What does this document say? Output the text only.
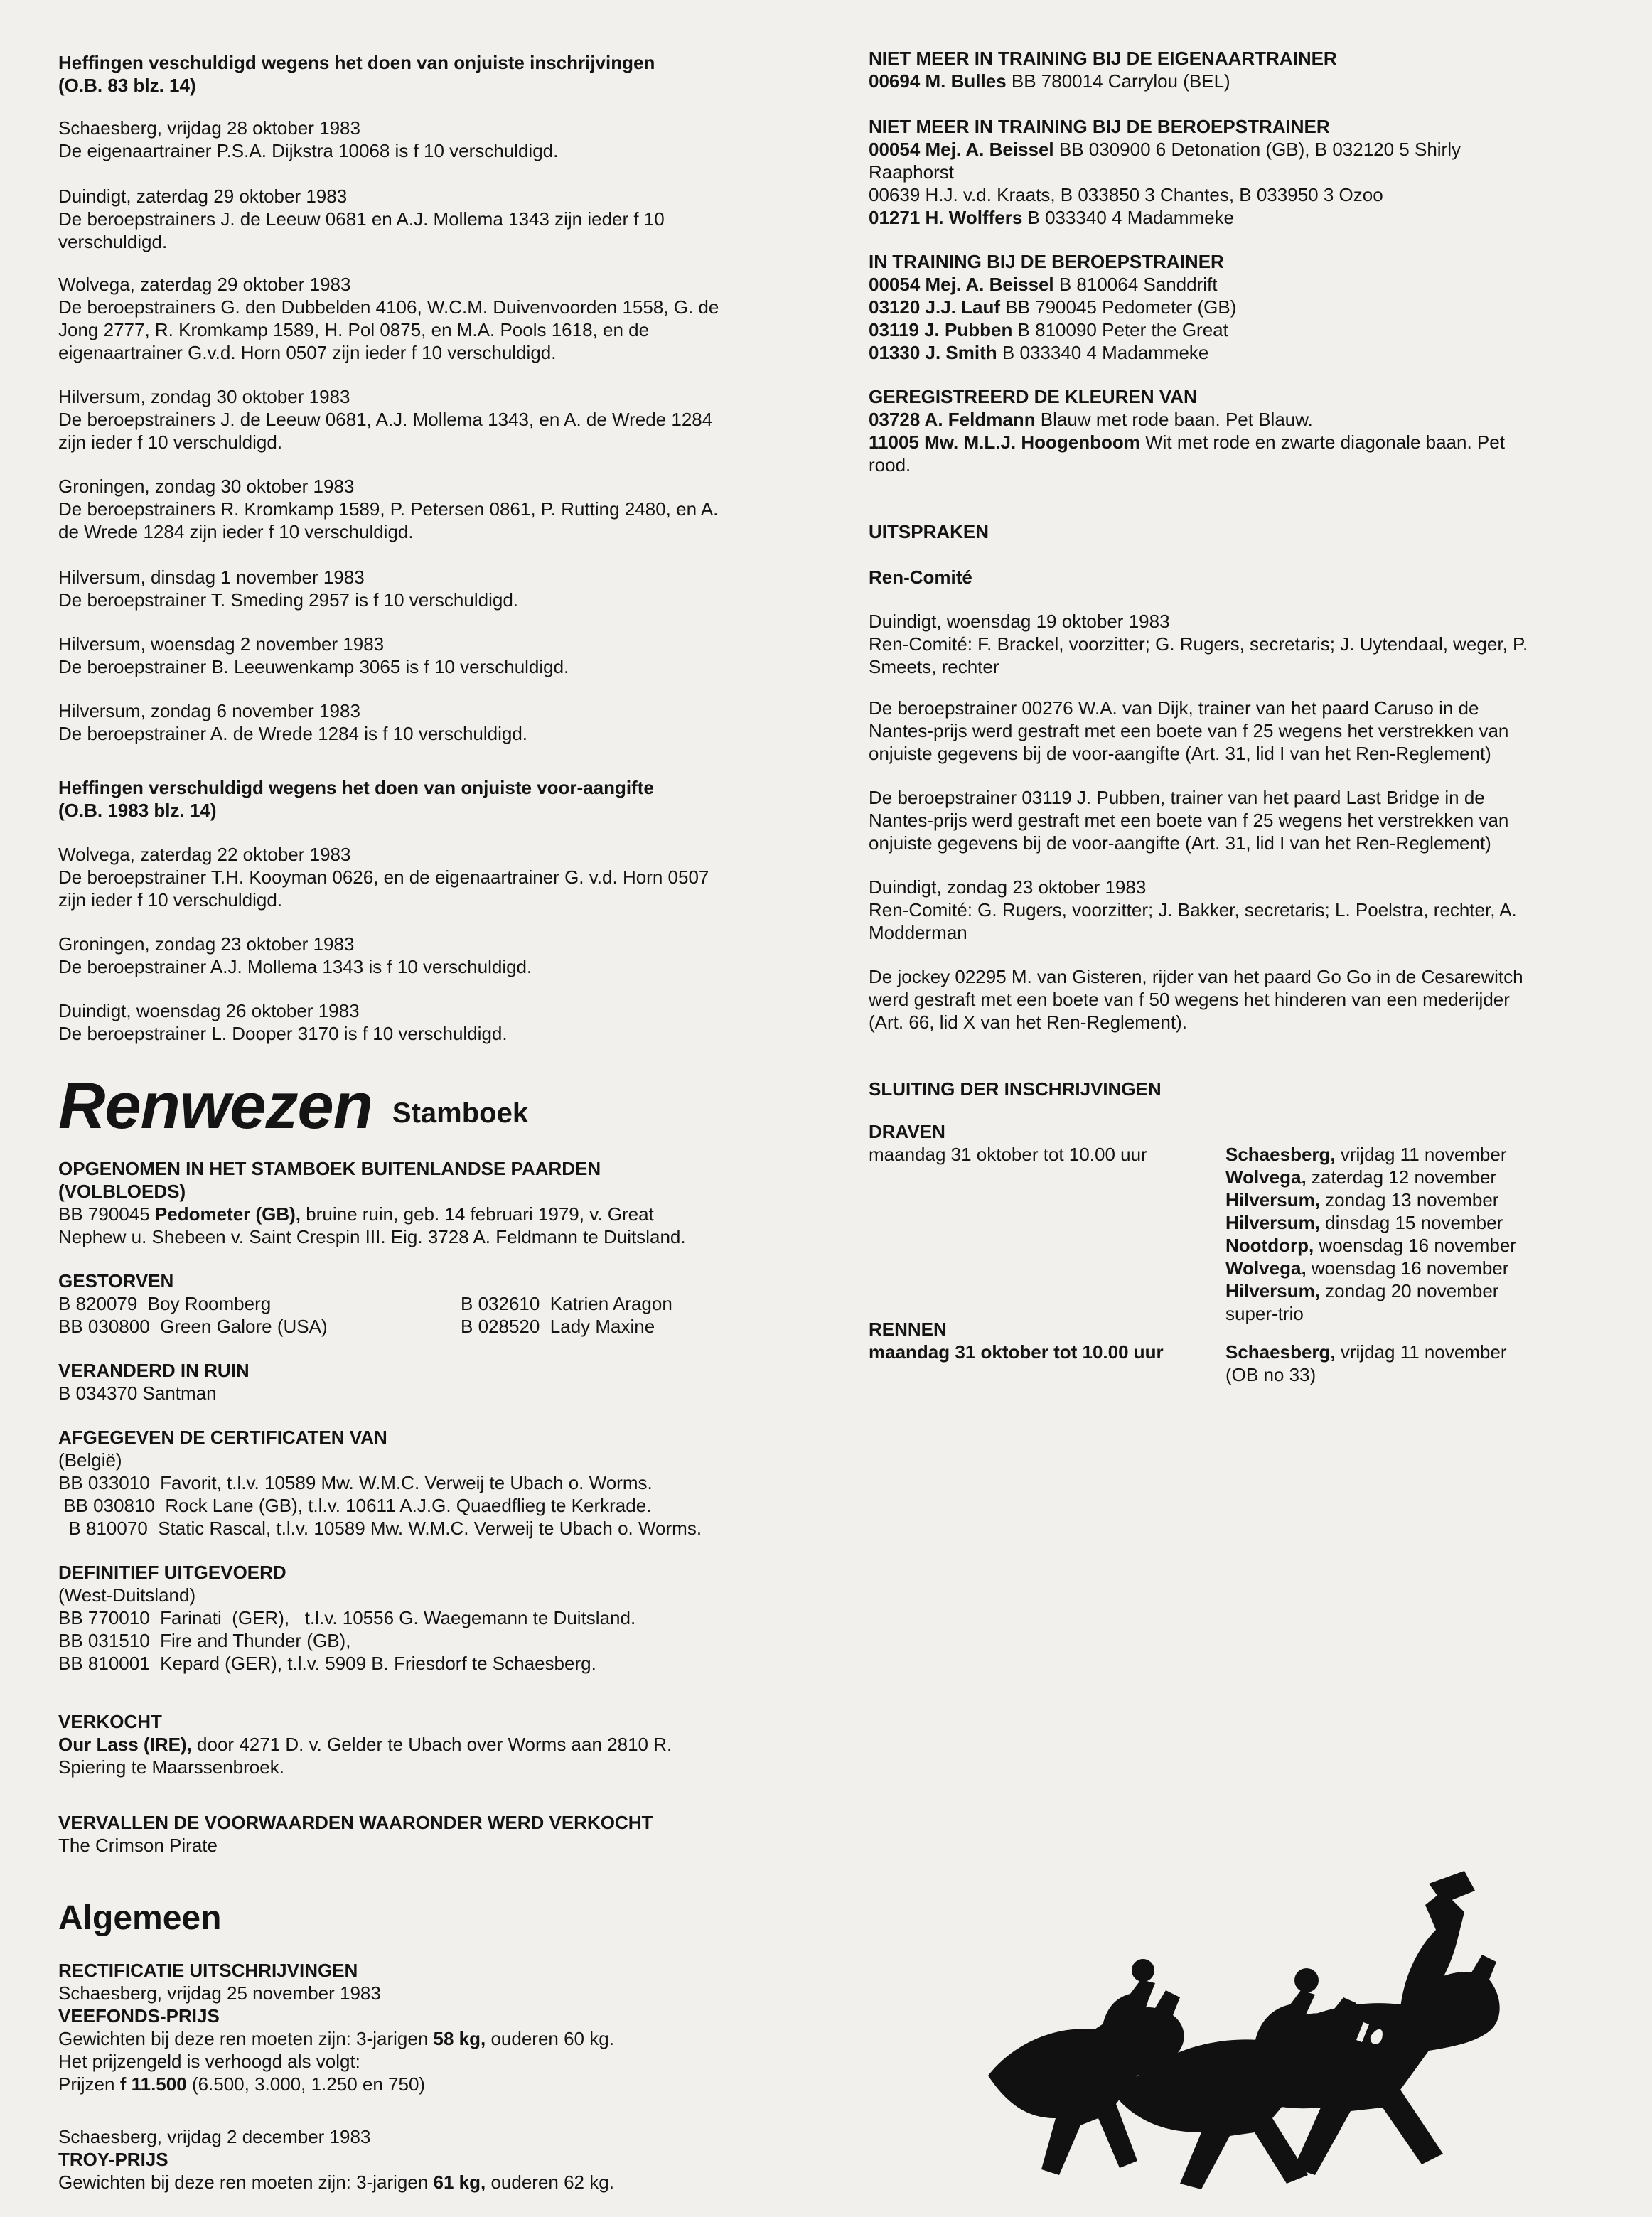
Heffingen veschuldigd wegens het doen van onjuiste inschrijvingen

(O.B. 83 blz. 14)

Schaesberg, vrijdag 28 oktober 1983

De eigenaartrainer P.S.A. Dijkstra 10068 is f 10 verschuldigd.

Duindigt, zaterdag 29 oktober 1983

De beroepstrainers J. de Leeuw 0681 en A.J. Mollema 1343 zijn ieder f 10

verschuldigd.

Wolvega, zaterdag 29 oktober 1983

De beroepstrainers G. den Dubbelden 4106, W.C.M. Duivenvoorden 1558, G. de

Jong 2777, R. Kromkamp 1589, H. Pol 0875, en M.A. Pools 1618, en de

eigenaartrainer G.v.d. Horn 0507 zijn ieder f 10 verschuldigd.

Hilversum, zondag 30 oktober 1983

De beroepstrainers J. de Leeuw 0681, A.J. Mollema 1343, en A. de Wrede 1284

zijn ieder f 10 verschuldigd.

Groningen, zondag 30 oktober 1983

De beroepstrainers R. Kromkamp 1589, P. Petersen 0861, P. Rutting 2480, en A.

de Wrede 1284 zijn ieder f 10 verschuldigd.

Hilversum, dinsdag 1 november 1983

De beroepstrainer T. Smeding 2957 is f 10 verschuldigd.

Hilversum, woensdag 2 november 1983

De beroepstrainer B. Leeuwenkamp 3065 is f 10 verschuldigd.

Hilversum, zondag 6 november 1983

De beroepstrainer A. de Wrede 1284 is f 10 verschuldigd.

Heffingen verschuldigd wegens het doen van onjuiste voor-aangifte

(O.B. 1983 blz. 14)

Wolvega, zaterdag 22 oktober 1983

De beroepstrainer T.H. Kooyman 0626, en de eigenaartrainer G. v.d. Horn 0507

zijn ieder f 10 verschuldigd.

Groningen, zondag 23 oktober 1983

De beroepstrainer A.J. Mollema 1343 is f 10 verschuldigd.

Duindigt, woensdag 26 oktober 1983

De beroepstrainer L. Dooper 3170 is f 10 verschuldigd.

Renwezen Stamboek

OPGENOMEN IN HET STAMBOEK BUITENLANDSE PAARDEN

(VOLBLOEDS)

BB 790045 Pedometer (GB), bruine ruin, geb. 14 februari 1979, v. Great

Nephew u. Shebeen v. Saint Crespin III. Eig. 3728 A. Feldmann te Duitsland.

GESTORVEN

B 820079  Boy Roomberg

BB 030800  Green Galore (USA)

B 032610  Katrien Aragon

B 028520  Lady Maxine

VERANDERD IN RUIN

B 034370 Santman

AFGEGEVEN DE CERTIFICATEN VAN

(België)

BB 033010  Favorit, t.l.v. 10589 Mw. W.M.C. Verweij te Ubach o. Worms.

BB 030810  Rock Lane (GB), t.l.v. 10611 A.J.G. Quaedflieg te Kerkrade.

B 810070  Static Rascal, t.l.v. 10589 Mw. W.M.C. Verweij te Ubach o. Worms.

DEFINITIEF UITGEVOERD

(West-Duitsland)

BB 770010  Farinati  (GER),   t.l.v. 10556 G. Waegemann te Duitsland.

BB 031510  Fire and Thunder (GB),

BB 810001  Kepard (GER), t.l.v. 5909 B. Friesdorf te Schaesberg.

VERKOCHT

Our Lass (IRE), door 4271 D. v. Gelder te Ubach over Worms aan 2810 R.

Spiering te Maarssenbroek.

VERVALLEN DE VOORWAARDEN WAARONDER WERD VERKOCHT

The Crimson Pirate

Algemeen

RECTIFICATIE UITSCHRIJVINGEN

Schaesberg, vrijdag 25 november 1983

VEEFONDS-PRIJS

Gewichten bij deze ren moeten zijn: 3-jarigen 58 kg, ouderen 60 kg.

Het prijzengeld is verhoogd als volgt:

Prijzen f 11.500 (6.500, 3.000, 1.250 en 750)

Schaesberg, vrijdag 2 december 1983

TROY-PRIJS

Gewichten bij deze ren moeten zijn: 3-jarigen 61 kg, ouderen 62 kg.

NIET MEER IN TRAINING BIJ DE EIGENAARTRAINER

00694 M. Bulles BB 780014 Carrylou (BEL)

NIET MEER IN TRAINING BIJ DE BEROEPSTRAINER

00054 Mej. A. Beissel BB 030900 6 Detonation (GB), B 032120 5 Shirly

Raaphorst

00639 H.J. v.d. Kraats, B 033850 3 Chantes, B 033950 3 Ozoo

01271 H. Wolffers B 033340 4 Madammeke

IN TRAINING BIJ DE BEROEPSTRAINER

00054 Mej. A. Beissel B 810064 Sanddrift

03120 J.J. Lauf BB 790045 Pedometer (GB)

03119 J. Pubben B 810090 Peter the Great

01330 J. Smith B 033340 4 Madammeke

GEREGISTREERD DE KLEUREN VAN

03728 A. Feldmann Blauw met rode baan. Pet Blauw.

11005 Mw. M.L.J. Hoogenboom Wit met rode en zwarte diagonale baan. Pet

rood.

UITSPRAKEN

Ren-Comité

Duindigt, woensdag 19 oktober 1983

Ren-Comité: F. Brackel, voorzitter; G. Rugers, secretaris; J. Uytendaal, weger, P.

Smeets, rechter

De beroepstrainer 00276 W.A. van Dijk, trainer van het paard Caruso in de

Nantes-prijs werd gestraft met een boete van f 25 wegens het verstrekken van

onjuiste gegevens bij de voor-aangifte (Art. 31, lid I van het Ren-Reglement)

De beroepstrainer 03119 J. Pubben, trainer van het paard Last Bridge in de

Nantes-prijs werd gestraft met een boete van f 25 wegens het verstrekken van

onjuiste gegevens bij de voor-aangifte (Art. 31, lid I van het Ren-Reglement)

Duindigt, zondag 23 oktober 1983

Ren-Comité: G. Rugers, voorzitter; J. Bakker, secretaris; L. Poelstra, rechter, A.

Modderman

De jockey 02295 M. van Gisteren, rijder van het paard Go Go in de Cesarewitch

werd gestraft met een boete van f 50 wegens het hinderen van een mederijder

(Art. 66, lid X van het Ren-Reglement).

SLUITING DER INSCHRIJVINGEN

DRAVEN

maandag 31 oktober tot 10.00 uur	Schaesberg, vrijdag 11 november

Wolvega, zaterdag 12 november

Hilversum, zondag 13 november

Hilversum, dinsdag 15 november

Nootdorp, woensdag 16 november

Wolvega, woensdag 16 november

Hilversum, zondag 20 november

super-trio

RENNEN

maandag 31 oktober tot 10.00 uur	Schaesberg, vrijdag 11 november

(OB no 33)
